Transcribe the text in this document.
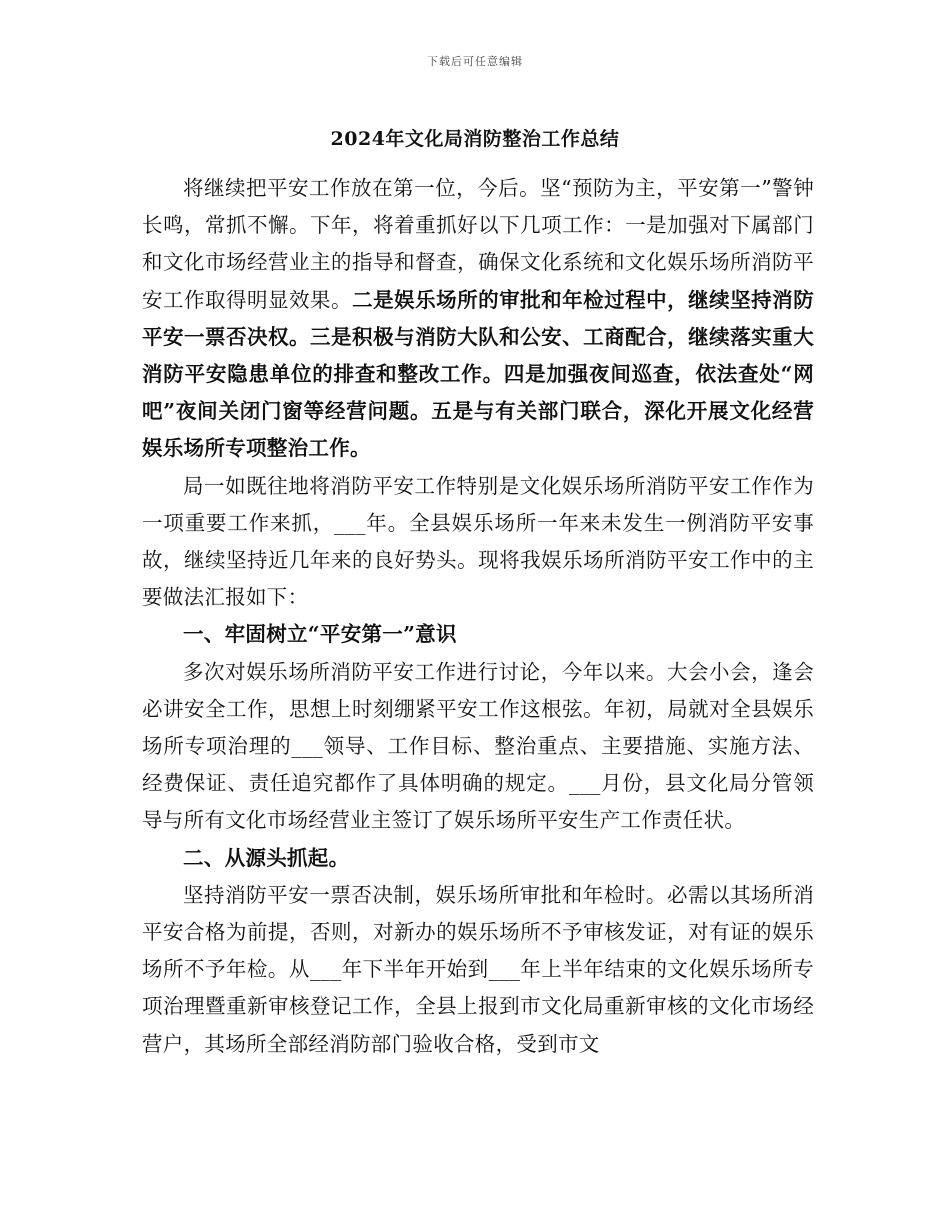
下载后可任意编辑
2024年文化局消防整治工作总结

将继续把平安工作放在第一位，今后。坚“预防为主，平安第一”警钟长鸣，常抓不懈。下年，将着重抓好以下几项工作：一是加强对下属部门和文化市场经营业主的指导和督查，确保文化系统和文化娱乐场所消防平安工作取得明显效果。二是娱乐场所的审批和年检过程中，继续坚持消防平安一票否决权。三是积极与消防大队和公安、工商配合，继续落实重大消防平安隐患单位的排查和整改工作。四是加强夜间巡查，依法查处“网吧”夜间关闭门窗等经营问题。五是与有关部门联合，深化开展文化经营娱乐场所专项整治工作。

局一如既往地将消防平安工作特别是文化娱乐场所消防平安工作作为一项重要工作来抓，___年。全县娱乐场所一年来未发生一例消防平安事故，继续坚持近几年来的良好势头。现将我娱乐场所消防平安工作中的主要做法汇报如下：

一、牢固树立“平安第一”意识

多次对娱乐场所消防平安工作进行讨论，今年以来。大会小会，逢会必讲安全工作，思想上时刻绷紧平安工作这根弦。年初，局就对全县娱乐场所专项治理的___领导、工作目标、整治重点、主要措施、实施方法、经费保证、责任追究都作了具体明确的规定。___月份，县文化局分管领导与所有文化市场经营业主签订了娱乐场所平安生产工作责任状。

二、从源头抓起。

坚持消防平安一票否决制，娱乐场所审批和年检时。必需以其场所消平安合格为前提，否则，对新办的娱乐场所不予审核发证，对有证的娱乐场所不予年检。从___年下半年开始到___年上半年结束的文化娱乐场所专项治理暨重新审核登记工作，全县上报到市文化局重新审核的文化市场经营户，其场所全部经消防部门验收合格，受到市文
